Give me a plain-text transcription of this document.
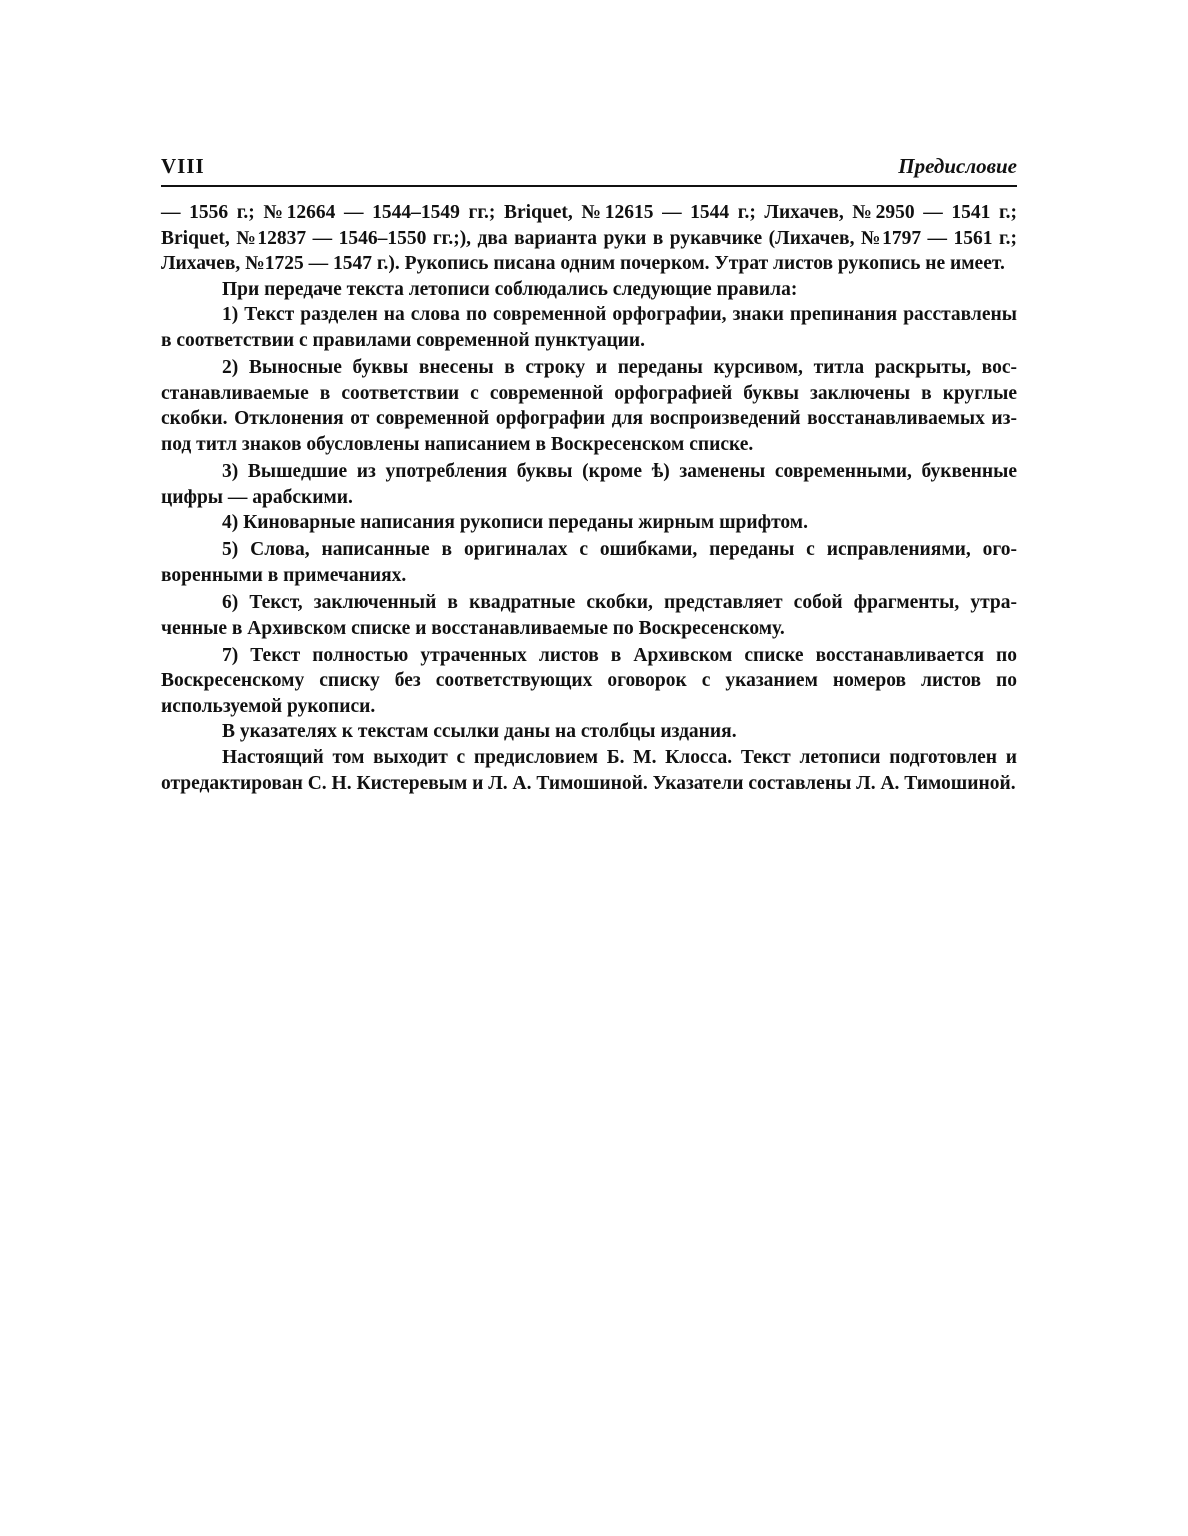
VIII	Предисловие

— 1556 г.; №12664 — 1544–1549 гг.; Briquet, №12615 — 1544 г.; Лихачев, №2950 — 1541 г.; Briquet, №12837 — 1546–1550 гг.;), два варианта руки в рукавчике (Лихачев, №1797 — 1561 г.; Лихачев, №1725 — 1547 г.). Рукопись писана одним почерком. Утрат листов рукопись не имеет.

При передаче текста летописи соблюдались следующие правила:

1) Текст разделен на слова по современной орфографии, знаки препинания расставлены в соответствии с правилами современной пунктуации.

2) Выносные буквы внесены в строку и переданы курсивом, титла раскрыты, восстанавливаемые в соответствии с современной орфографией буквы заключены в круглые скобки. Отклонения от современной орфографии для воспроизведений восстанавливаемых из-под титл знаков обусловлены написанием в Воскресенском списке.

3) Вышедшие из употребления буквы (кроме ѣ) заменены современными, буквенные цифры — арабскими.

4) Киноварные написания рукописи переданы жирным шрифтом.

5) Слова, написанные в оригиналах с ошибками, переданы с исправлениями, оговоренными в примечаниях.

6) Текст, заключенный в квадратные скобки, представляет собой фрагменты, утраченные в Архивском списке и восстанавливаемые по Воскресенскому.

7) Текст полностью утраченных листов в Архивском списке восстанавливается по Воскресенскому списку без соответствующих оговорок с указанием номеров листов по используемой рукописи.

В указателях к текстам ссылки даны на столбцы издания.

Настоящий том выходит с предисловием Б. М. Клосса. Текст летописи подготовлен и отредактирован С. Н. Кистеревым и Л. А. Тимошиной. Указатели составлены Л. А. Тимошиной.
